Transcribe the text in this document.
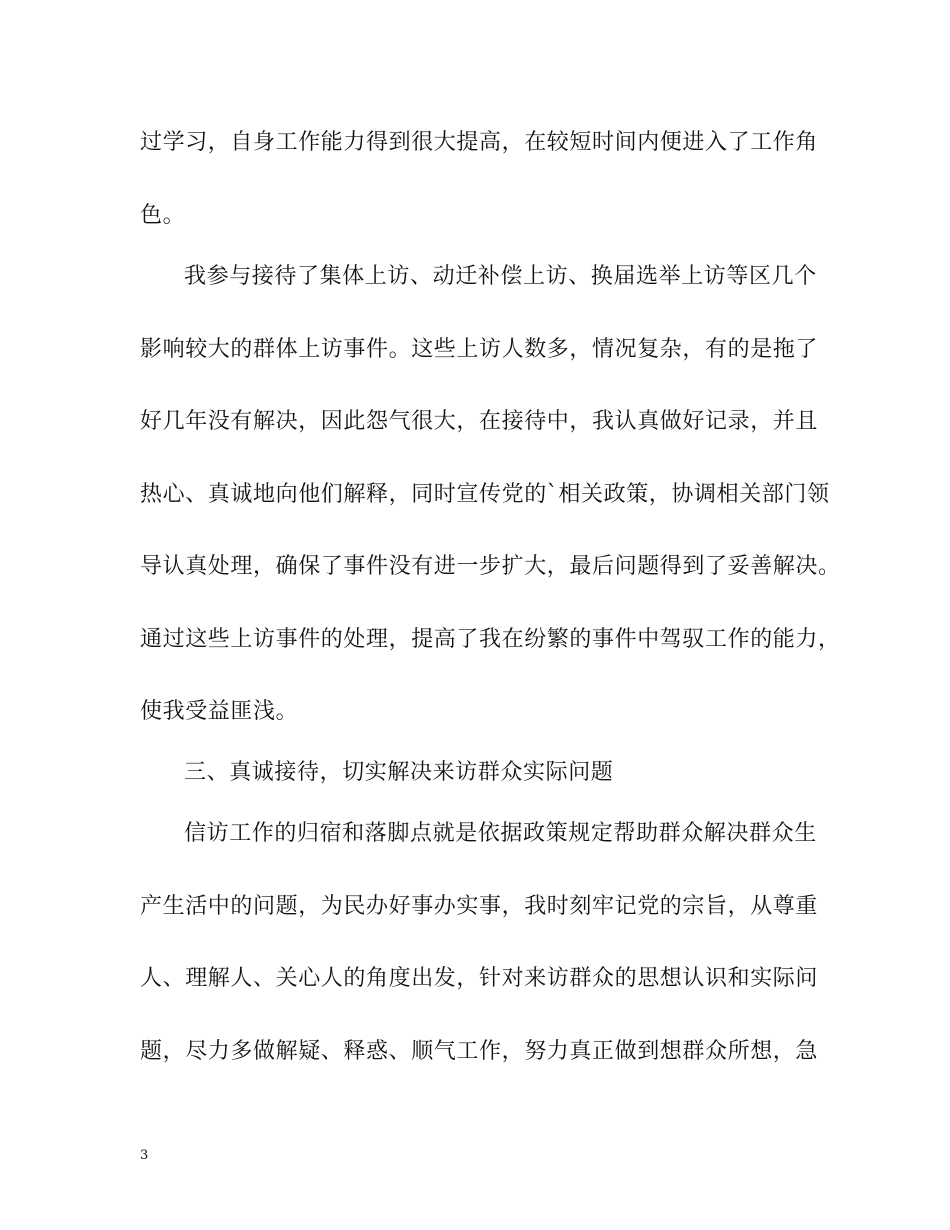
过学习，自身工作能力得到很大提高，在较短时间内便进入了工作角
色。
我参与接待了集体上访、动迁补偿上访、换届选举上访等区几个
影响较大的群体上访事件。这些上访人数多，情况复杂，有的是拖了
好几年没有解决，因此怨气很大，在接待中，我认真做好记录，并且
热心、真诚地向他们解释，同时宣传党的`相关政策，协调相关部门领
导认真处理，确保了事件没有进一步扩大，最后问题得到了妥善解决。
通过这些上访事件的处理，提高了我在纷繁的事件中驾驭工作的能力，
使我受益匪浅。
三、真诚接待，切实解决来访群众实际问题
信访工作的归宿和落脚点就是依据政策规定帮助群众解决群众生
产生活中的问题，为民办好事办实事，我时刻牢记党的宗旨，从尊重
人、理解人、关心人的角度出发，针对来访群众的思想认识和实际问
题，尽力多做解疑、释惑、顺气工作，努力真正做到想群众所想，急
3
